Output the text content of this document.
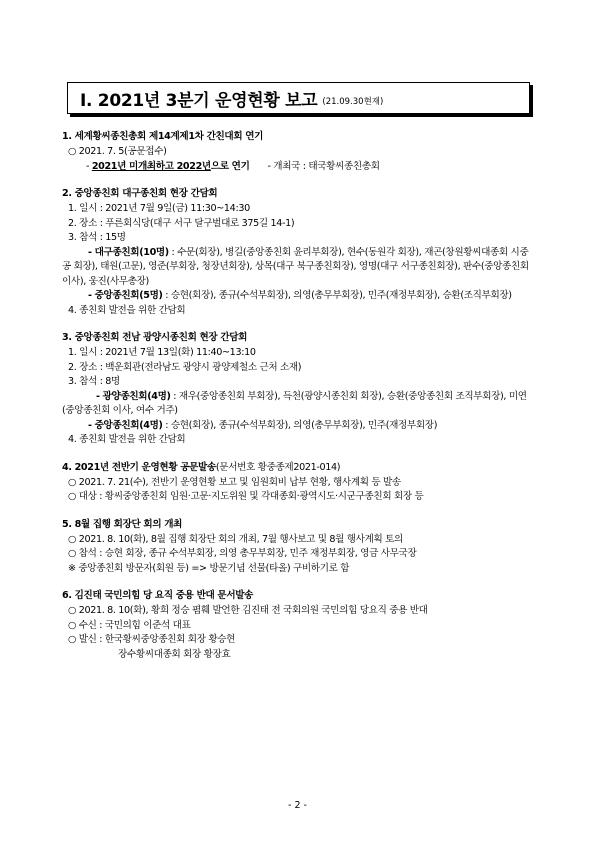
Ⅰ. 2021년 3분기 운영현황 보고 (21.09.30현재)
1. 세계황씨종친총회 제14계제1차 간친대회 연기
○ 2021. 7. 5(공문접수)
- 2021년 미개최하고 2022년으로 연기 - 개최국 : 태국황씨종친총회
2. 중앙종친회 대구종친회 현장 간담회
1. 일시 : 2021년 7월 9일(금) 11:30~14:30
2. 장소 : 푸른회식당(대구 서구 달구벌대로 375길 14-1)
3. 참석 : 15명
- 대구종친회(10명) : 수문(회장), 병길(중앙종친회 윤리부회장), 현수(동원각 회장), 재곤(창원황씨대종회 시중공 회장), 태원(고문), 영준(부회장, 청장년회장), 상목(대구 북구종친회장), 영명(대구 서구종친회장), 판수(중앙종친회 이사), 웅진(사무총장)
- 중앙종친회(5명) : 승현(회장), 종규(수석부회장), 의영(총무부회장), 민주(재정부회장), 승환(조직부회장)
4. 종친회 발전을 위한 간담회
3. 중앙종친회 전남 광양시종친회 현장 간담회
1. 일시 : 2021년 7월 13일(화) 11:40~13:10
2. 장소 : 백운회관(전라남도 광양시 광양제철소 근처 소재)
3. 참석 : 8명
- 광양종친회(4명) : 재우(중앙종친회 부회장), 득천(광양시종친회 회장), 승환(중앙종친회 조직부회장), 미연(중앙종친회 이사, 여수 거주)
- 중앙종친회(4명) : 승현(회장), 종규(수석부회장), 의영(총무부회장), 민주(재정부회장)
4. 종친회 발전을 위한 간담회
4. 2021년 전반기 운영현황 공문발송(문서번호 황중종제2021-014)
○ 2021. 7. 21(수), 전반기 운영현황 보고 및 임원회비 납부 현황, 행사계획 등 발송
○ 대상 : 황씨중앙종친회 임원·고문·지도위원 및 각대종회·광역시도·시군구종친회 회장 등
5. 8월 집행 회장단 회의 개최
○ 2021. 8. 10(화), 8월 집행 회장단 회의 개최, 7월 행사보고 및 8월 행사계획 토의
○ 참석 : 승현 회장, 종규 수석부회장, 의영 총무부회장, 민주 재정부회장, 영금 사무국장
※ 중앙종친회 방문자(회원 등) => 방문기념 선물(타올) 구비하기로 함
6. 김진태 국민의힘 당 요직 중용 반대 문서발송
○ 2021. 8. 10(화), 황희 정승 폄훼 발언한 김진태 전 국회의원 국민의힘 당요직 중용 반대
○ 수신 : 국민의힘 이준석 대표
○ 발신 : 한국황씨중앙종친회 회장 황승현
장수황씨대종회 회장 황장효
- 2 -
